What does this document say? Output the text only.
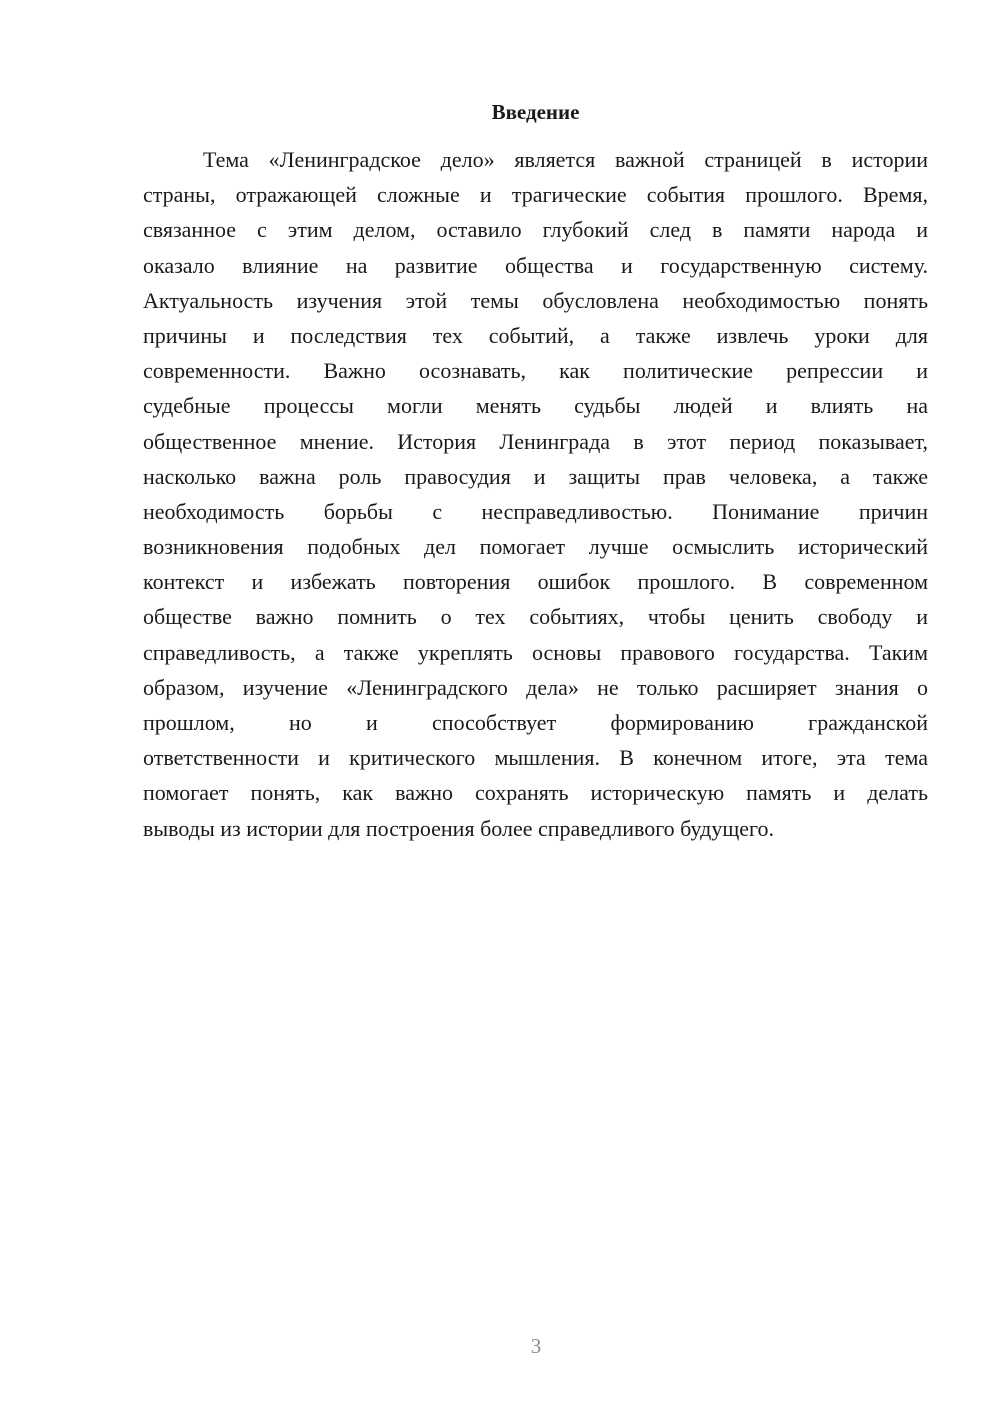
Введение
Тема «Ленинградское дело» является важной страницей в истории
страны, отражающей сложные и трагические события прошлого. Время,
связанное с этим делом, оставило глубокий след в памяти народа и
оказало влияние на развитие общества и государственную систему.
Актуальность изучения этой темы обусловлена необходимостью понять
причины и последствия тех событий, а также извлечь уроки для
современности. Важно осознавать, как политические репрессии и
судебные процессы могли менять судьбы людей и влиять на
общественное мнение. История Ленинграда в этот период показывает,
насколько важна роль правосудия и защиты прав человека, а также
необходимость борьбы с несправедливостью. Понимание причин
возникновения подобных дел помогает лучше осмыслить исторический
контекст и избежать повторения ошибок прошлого. В современном
обществе важно помнить о тех событиях, чтобы ценить свободу и
справедливость, а также укреплять основы правового государства. Таким
образом, изучение «Ленинградского дела» не только расширяет знания о
прошлом, но и способствует формированию гражданской
ответственности и критического мышления. В конечном итоге, эта тема
помогает понять, как важно сохранять историческую память и делать
выводы из истории для построения более справедливого будущего.
3
